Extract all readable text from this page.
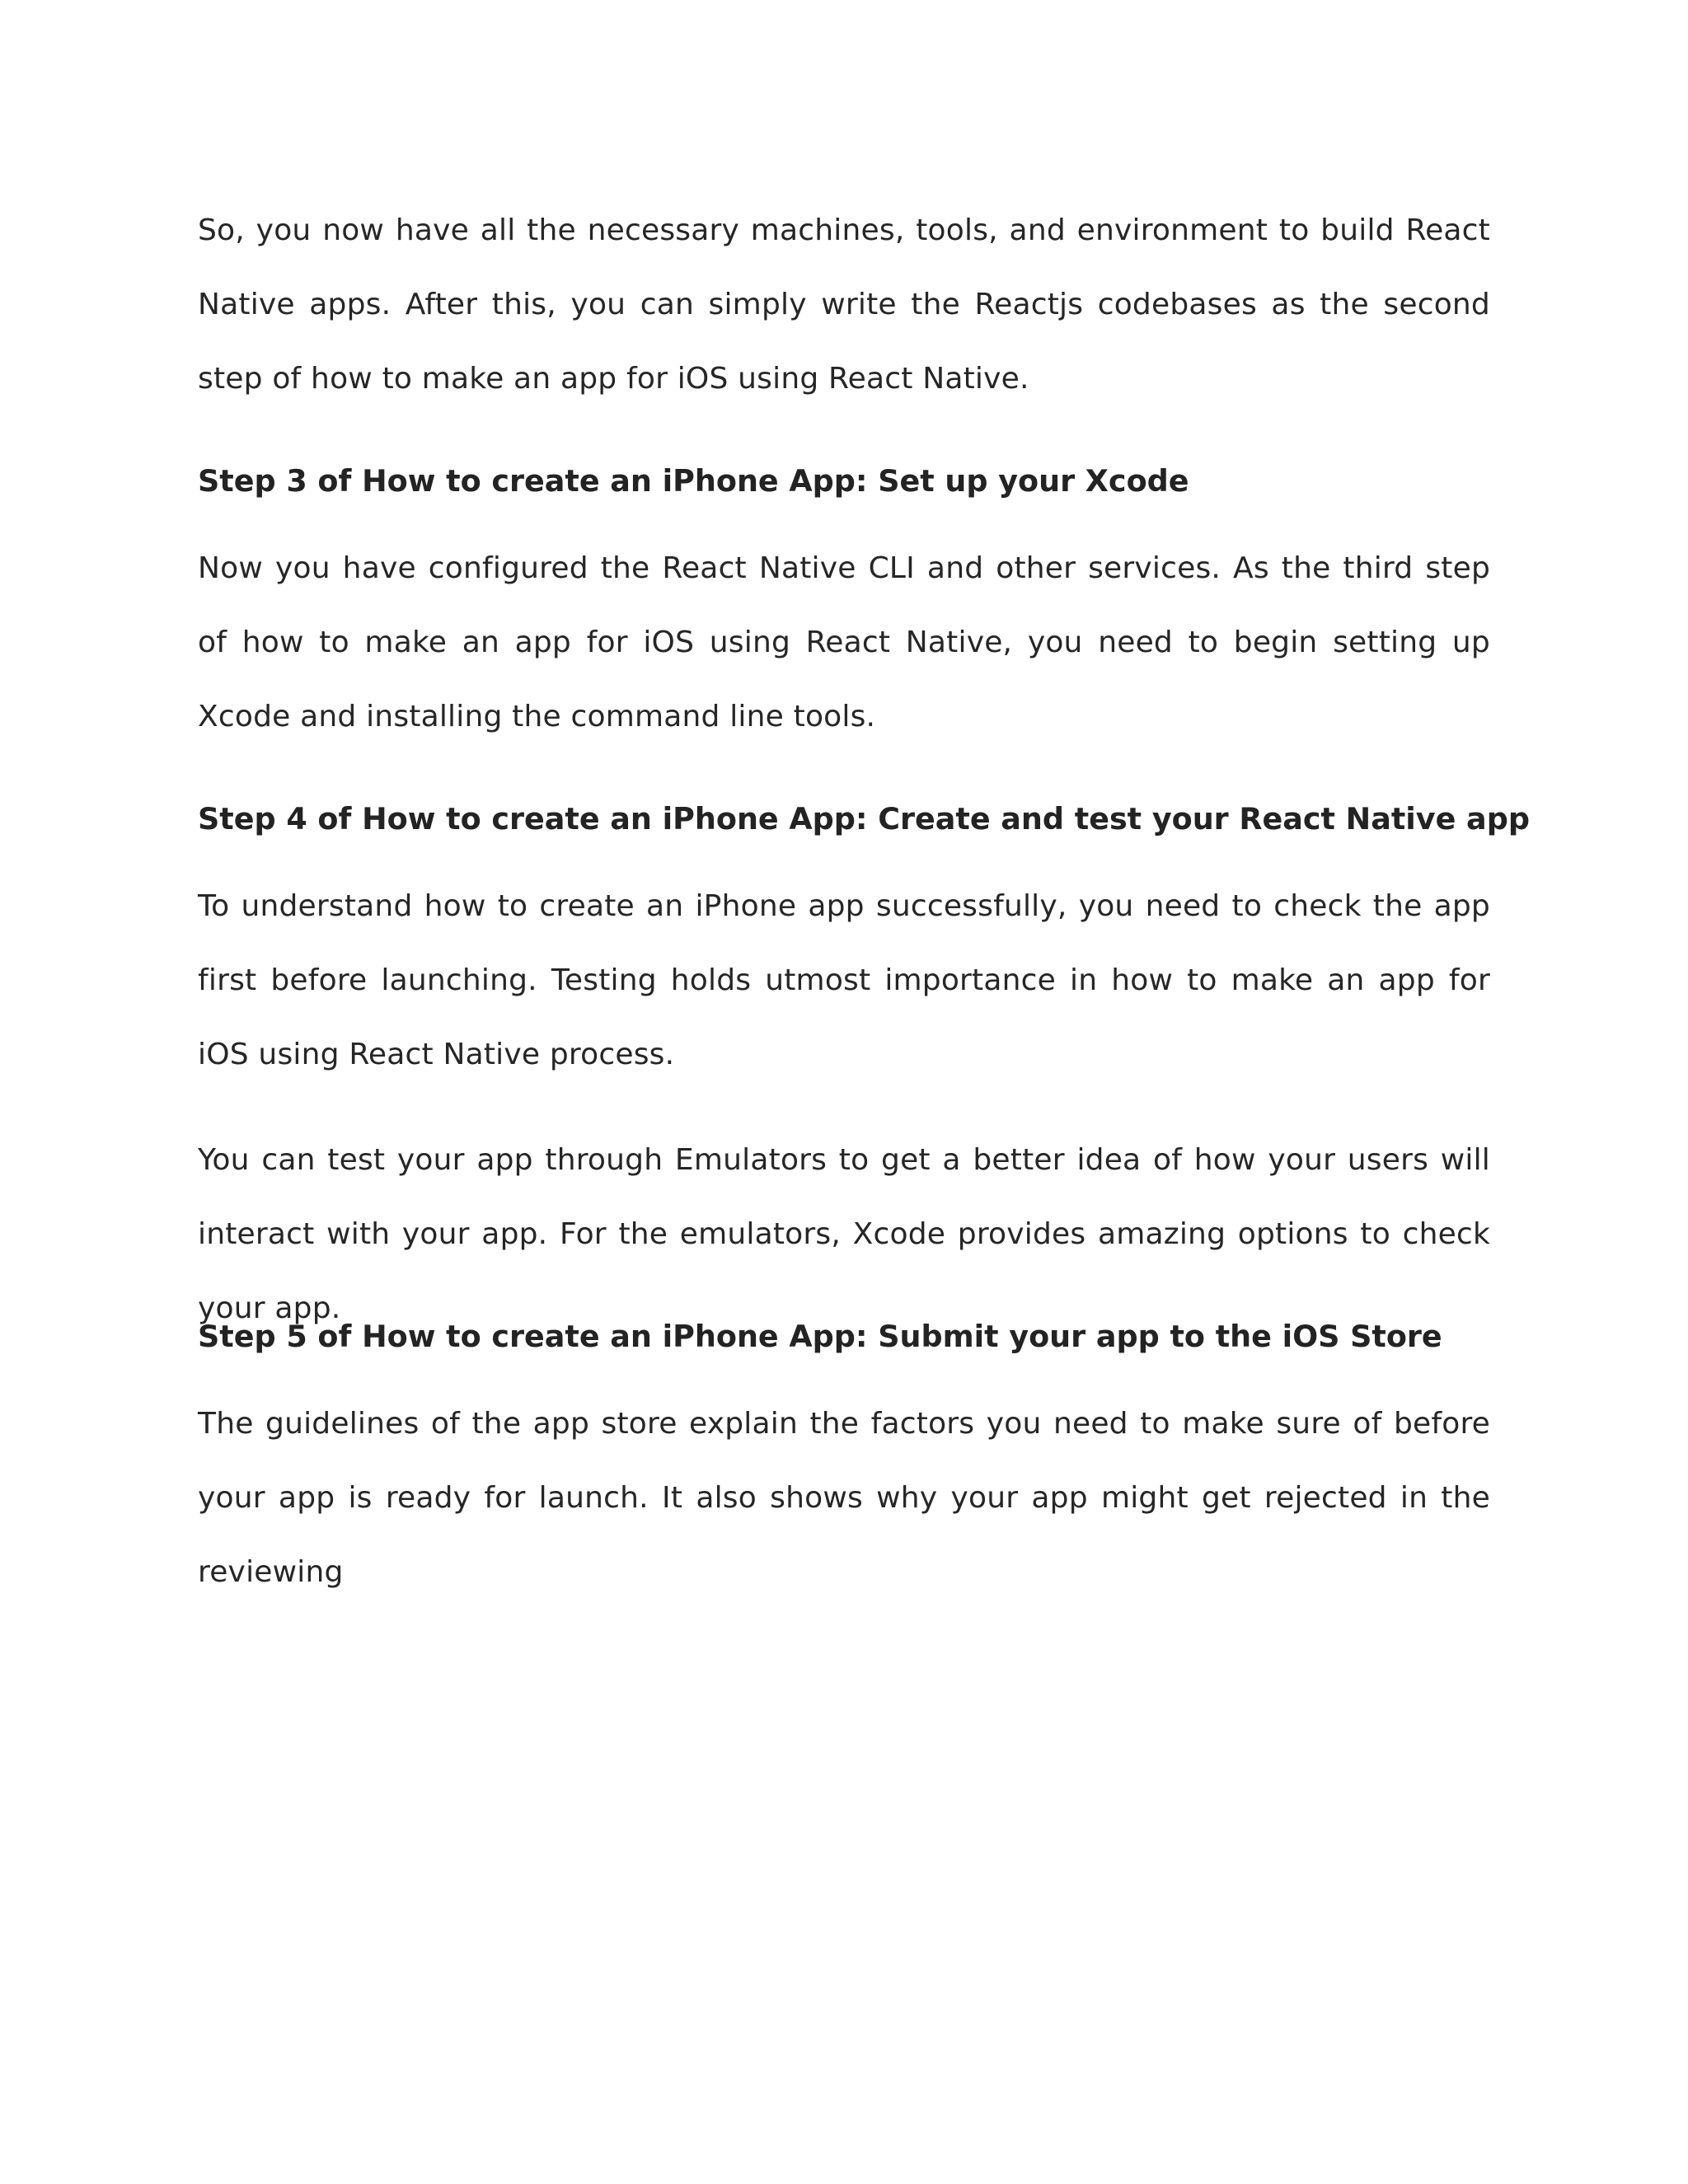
So, you now have all the necessary machines, tools, and environment to build React Native apps. After this, you can simply write the Reactjs codebases as the second step of how to make an app for iOS using React Native.

Step 3 of How to create an iPhone App: Set up your Xcode

Now you have configured the React Native CLI and other services. As the third step of how to make an app for iOS using React Native, you need to begin setting up Xcode and installing the command line tools.

Step 4 of How to create an iPhone App: Create and test your React Native app

To understand how to create an iPhone app successfully, you need to check the app first before launching. Testing holds utmost importance in how to make an app for iOS using React Native process.

You can test your app through Emulators to get a better idea of how your users will interact with your app. For the emulators, Xcode provides amazing options to check your app.

Step 5 of How to create an iPhone App: Submit your app to the iOS Store

The guidelines of the app store explain the factors you need to make sure of before your app is ready for launch. It also shows why your app might get rejected in the reviewing
